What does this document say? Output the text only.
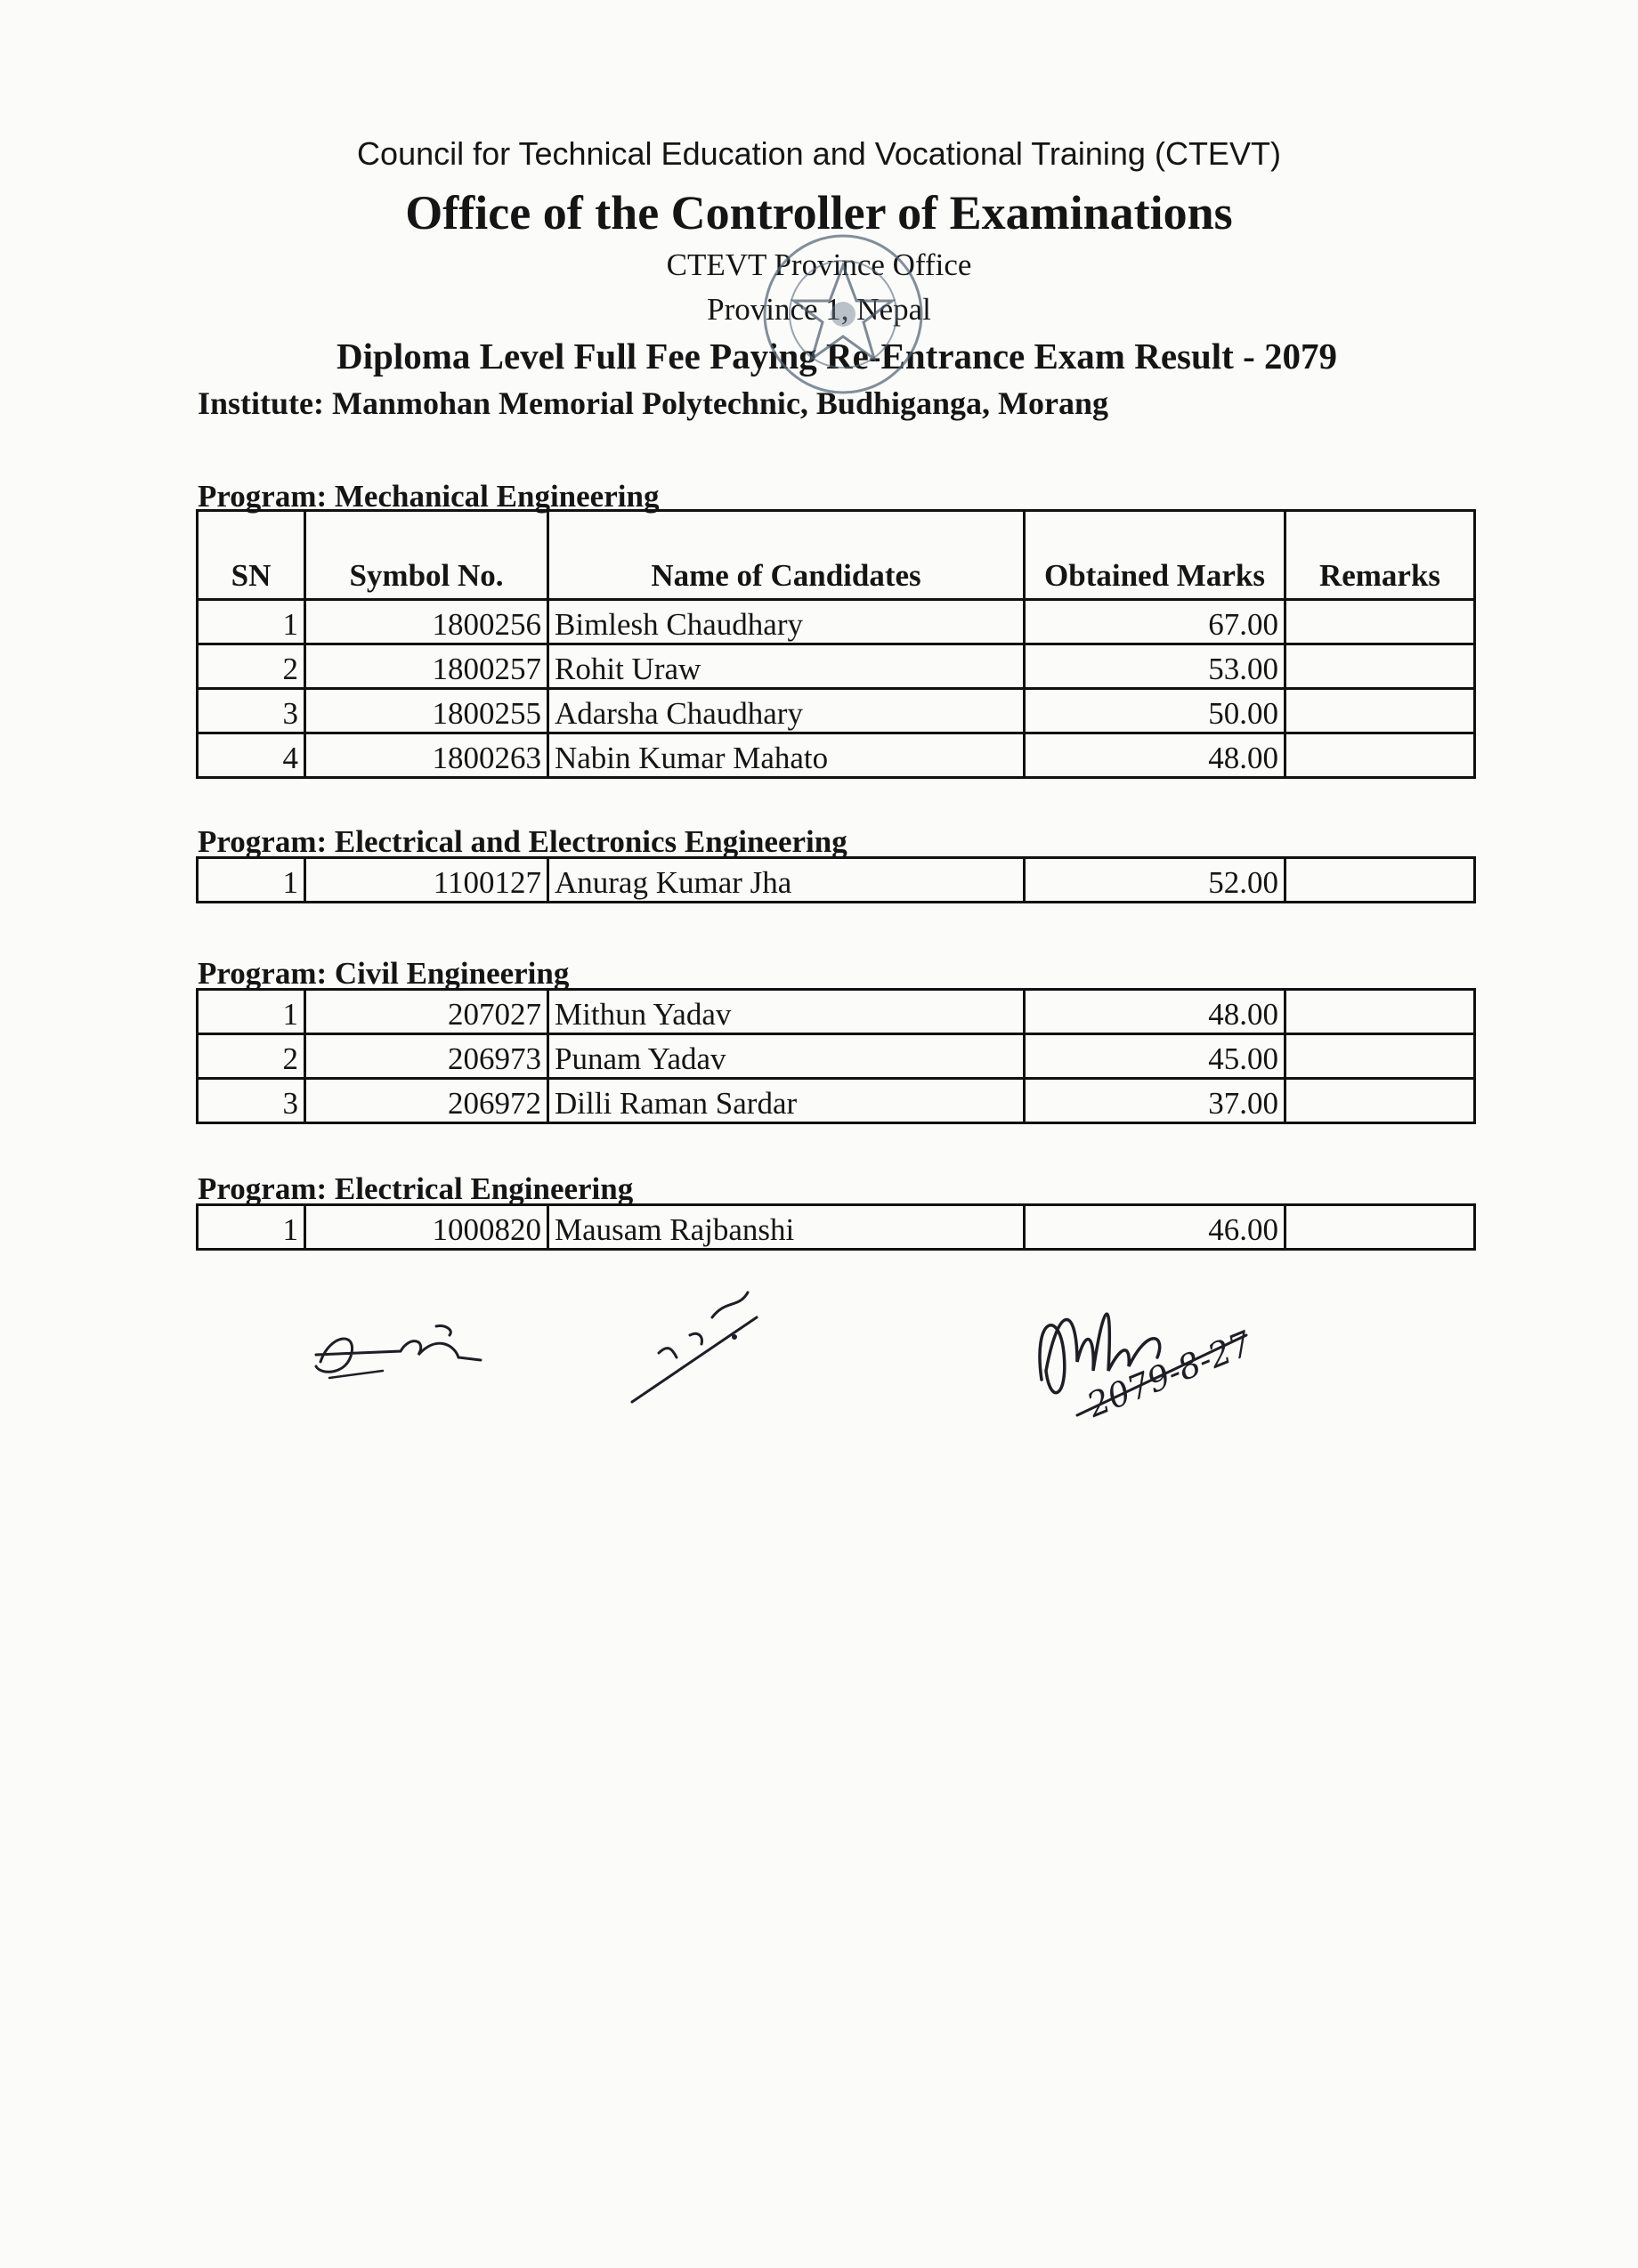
Council for Technical Education and Vocational Training (CTEVT)
Office of the Controller of Examinations
CTEVT Province Office
Province 1, Nepal
Diploma Level Full Fee Paying Re-Entrance Exam Result - 2079
Institute: Manmohan Memorial Polytechnic, Budhiganga, Morang
Program: Mechanical Engineering
SN	Symbol No.	Name of Candidates	Obtained Marks	Remarks
1	1800256	Bimlesh Chaudhary	67.00	
2	1800257	Rohit Uraw	53.00	
3	1800255	Adarsha Chaudhary	50.00	
4	1800263	Nabin Kumar Mahato	48.00	
Program: Electrical and Electronics Engineering
1	1100127	Anurag Kumar Jha	52.00	
Program: Civil Engineering
1	207027	Mithun Yadav	48.00	
2	206973	Punam Yadav	45.00	
3	206972	Dilli Raman Sardar	37.00	
Program: Electrical Engineering
1	1000820	Mausam Rajbanshi	46.00	
2079-8-27
